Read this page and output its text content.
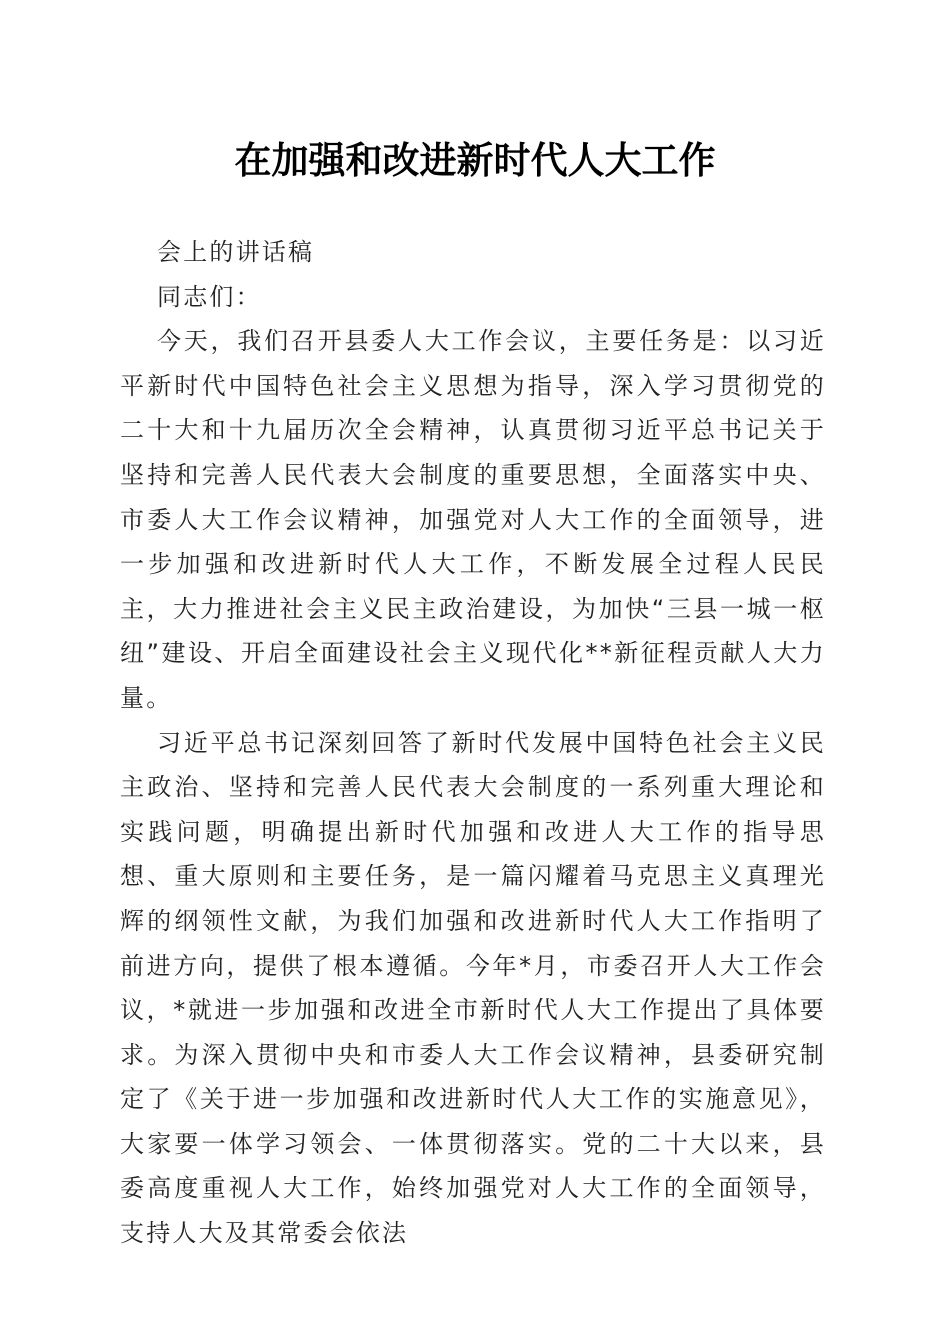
在加强和改进新时代人大工作

会上的讲话稿

同志们：

今天，我们召开县委人大工作会议，主要任务是：以习近平新时代中国特色社会主义思想为指导，深入学习贯彻党的二十大和十九届历次全会精神，认真贯彻习近平总书记关于坚持和完善人民代表大会制度的重要思想，全面落实中央、市委人大工作会议精神，加强党对人大工作的全面领导，进一步加强和改进新时代人大工作，不断发展全过程人民民主，大力推进社会主义民主政治建设，为加快“三县一城一枢纽”建设、开启全面建设社会主义现代化**新征程贡献人大力量。

习近平总书记深刻回答了新时代发展中国特色社会主义民主政治、坚持和完善人民代表大会制度的一系列重大理论和实践问题，明确提出新时代加强和改进人大工作的指导思想、重大原则和主要任务，是一篇闪耀着马克思主义真理光辉的纲领性文献，为我们加强和改进新时代人大工作指明了前进方向，提供了根本遵循。今年*月，市委召开人大工作会议，*就进一步加强和改进全市新时代人大工作提出了具体要求。为深入贯彻中央和市委人大工作会议精神，县委研究制定了《关于进一步加强和改进新时代人大工作的实施意见》，大家要一体学习领会、一体贯彻落实。党的二十大以来，县委高度重视人大工作，始终加强党对人大工作的全面领导，支持人大及其常委会依法
